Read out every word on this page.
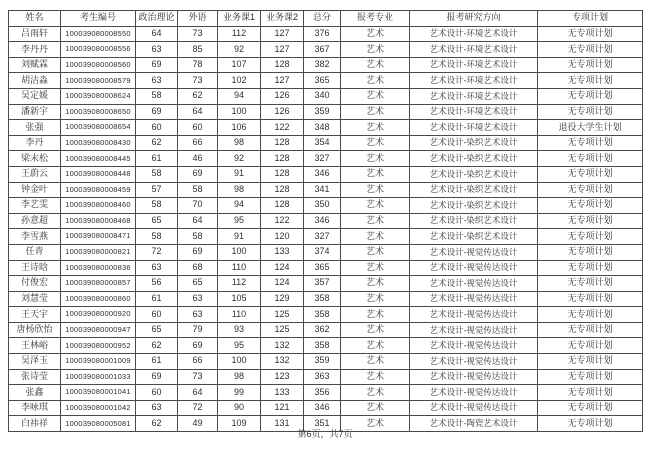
姓名	考生编号	政治理论	外语	业务课1	业务课2	总分	报考专业	报考研究方向	专项计划
吕雨轩	100039080008550	64	73	112	127	376	艺术	艺术设计-环境艺术设计	无专项计划
李丹丹	100039080008556	63	85	92	127	367	艺术	艺术设计-环境艺术设计	无专项计划
刘赋霖	100039080008560	69	78	107	128	382	艺术	艺术设计-环境艺术设计	无专项计划
胡洁淼	100039080008579	63	73	102	127	365	艺术	艺术设计-环境艺术设计	无专项计划
吴定媛	100039080008624	58	62	94	126	340	艺术	艺术设计-环境艺术设计	无专项计划
潘新宇	100039080008650	69	64	100	126	359	艺术	艺术设计-环境艺术设计	无专项计划
张强	100039080008654	60	60	106	122	348	艺术	艺术设计-环境艺术设计	退役大学生计划
李丹	100039080008430	62	66	98	128	354	艺术	艺术设计-染织艺术设计	无专项计划
梁末松	100039080008445	61	46	92	128	327	艺术	艺术设计-染织艺术设计	无专项计划
王蔚云	100039080008448	58	69	91	128	346	艺术	艺术设计-染织艺术设计	无专项计划
钟金叶	100039080008459	57	58	98	128	341	艺术	艺术设计-染织艺术设计	无专项计划
李艺雯	100039080008460	58	70	94	128	350	艺术	艺术设计-染织艺术设计	无专项计划
孙意超	100039080008468	65	64	95	122	346	艺术	艺术设计-染织艺术设计	无专项计划
李雪燕	100039080008471	58	58	91	120	327	艺术	艺术设计-染织艺术设计	无专项计划
任青	100039080000821	72	69	100	133	374	艺术	艺术设计-视觉传达设计	无专项计划
王诗晗	100039080000836	63	68	110	124	365	艺术	艺术设计-视觉传达设计	无专项计划
付俊宏	100039080000857	56	65	112	124	357	艺术	艺术设计-视觉传达设计	无专项计划
刘慧莹	100039080000860	61	63	105	129	358	艺术	艺术设计-视觉传达设计	无专项计划
王天宇	100039080000920	60	63	110	125	358	艺术	艺术设计-视觉传达设计	无专项计划
唐杨欣怡	100039080000947	65	79	93	125	362	艺术	艺术设计-视觉传达设计	无专项计划
王林峪	100039080000952	62	69	95	132	358	艺术	艺术设计-视觉传达设计	无专项计划
吴泽玉	100039080001009	61	66	100	132	359	艺术	艺术设计-视觉传达设计	无专项计划
张诗莹	100039080001033	69	73	98	123	363	艺术	艺术设计-视觉传达设计	无专项计划
张鑫	100039080001041	60	64	99	133	356	艺术	艺术设计-视觉传达设计	无专项计划
李咏琪	100039080001042	63	72	90	121	346	艺术	艺术设计-视觉传达设计	无专项计划
白祎祥	100039080005081	62	49	109	131	351	艺术	艺术设计-陶瓷艺术设计	无专项计划
第6页，共7页
